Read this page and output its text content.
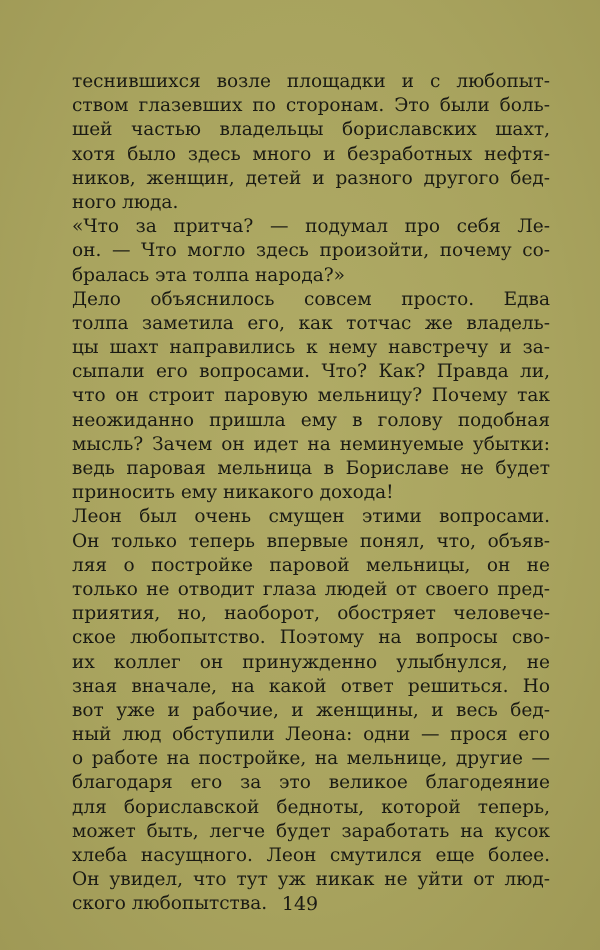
теснившихся возле площадки и с любопыт-
ством глазевших по сторонам. Это были боль-
шей частью владельцы бориславских шахт,
хотя было здесь много и безработных нефтя-
ников, женщин, детей и разного другого бед-
ного люда.
«Что за притча? — подумал про себя Ле-
он. — Что могло здесь произойти, почему со-
бралась эта толпа народа?»
Дело объяснилось совсем просто. Едва
толпа заметила его, как тотчас же владель-
цы шахт направились к нему навстречу и за-
сыпали его вопросами. Что? Как? Правда ли,
что он строит паровую мельницу? Почему так
неожиданно пришла ему в голову подобная
мысль? Зачем он идет на неминуемые убытки:
ведь паровая мельница в Бориславе не будет
приносить ему никакого дохода!
Леон был очень смущен этими вопросами.
Он только теперь впервые понял, что, объяв-
ляя о постройке паровой мельницы, он не
только не отводит глаза людей от своего пред-
приятия, но, наоборот, обостряет человече-
ское любопытство. Поэтому на вопросы сво-
их коллег он принужденно улыбнулся, не
зная вначале, на какой ответ решиться. Но
вот уже и рабочие, и женщины, и весь бед-
ный люд обступили Леона: одни — прося его
о работе на постройке, на мельнице, другие —
благодаря его за это великое благодеяние
для бориславской бедноты, которой теперь,
может быть, легче будет заработать на кусок
хлеба насущного. Леон смутился еще более.
Он увидел, что тут уж никак не уйти от люд-
ского любопытства. 149
